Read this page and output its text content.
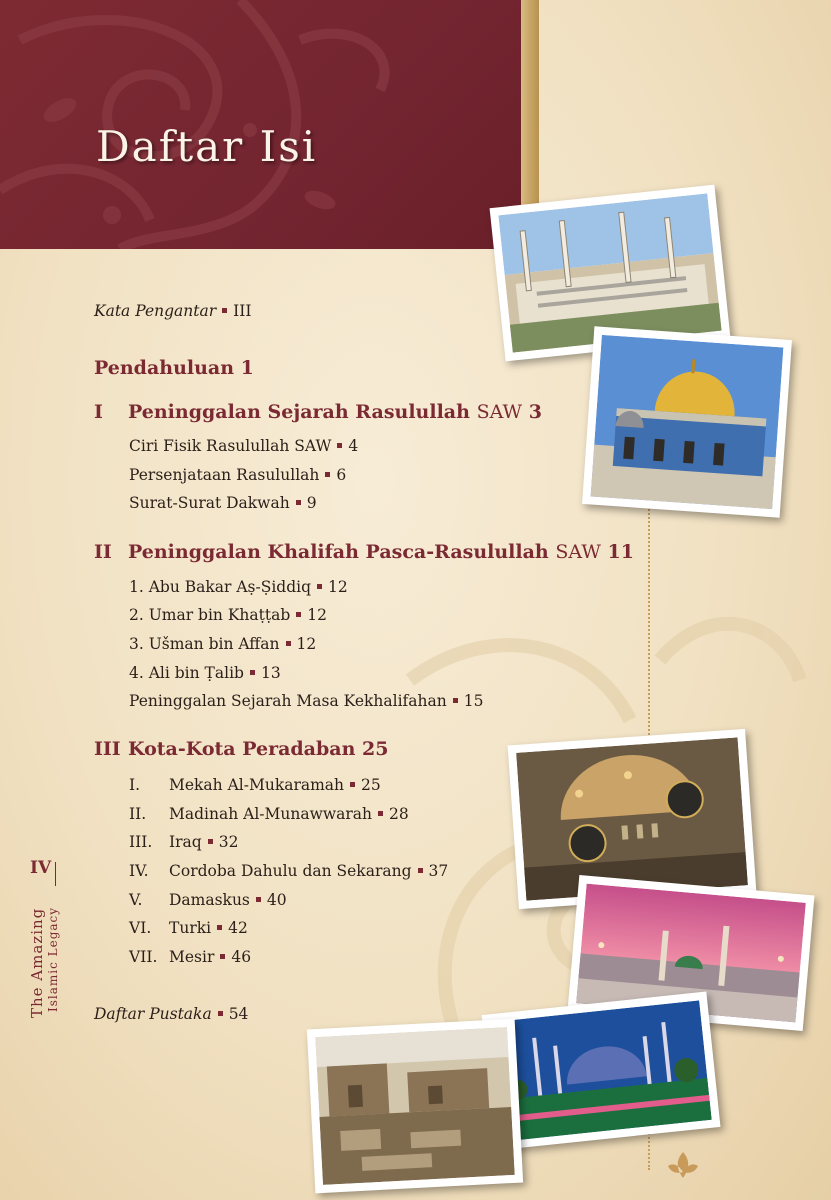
Daftar Isi
Kata Pengantar III
Pendahuluan 1
I Peninggalan Sejarah Rasulullah SAW 3
Ciri Fisik Rasulullah SAW 4
Persenjataan Rasulullah 6
Surat-Surat Dakwah 9
II Peninggalan Khalifah Pasca-Rasulullah SAW 11
1. Abu Bakar Aṣ-Ṣiddiq 12
2. Umar bin Khaṭṭab 12
3. Ušman bin Affan 12
4. Ali bin Ṭalib 13
Peninggalan Sejarah Masa Kekhalifahan 15
III Kota-Kota Peradaban 25
I. Mekah Al-Mukaramah 25
II. Madinah Al-Munawwarah 28
III. Iraq 32
IV. Cordoba Dahulu dan Sekarang 37
V. Damaskus 40
VI. Turki 42
VII. Mesir 46
Daftar Pustaka 54
IV
The Amazing Islamic Legacy
